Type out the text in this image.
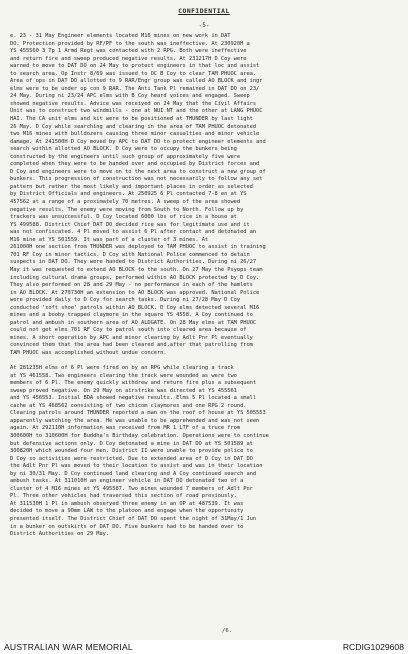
CONFIDENTIAL
-5-
e. 23 - 31 May Engineer elements located M16 mines on new work in DAT
DO. Protection provided by RF/PF to the south was ineffective. At 230920H a
YS 455560 3 Tp 1 Armd Regt was contacted with 2 RPG. Both were ineffective
and return fire and sweep produced negative results. At 231217H D Coy were
warned to move to DAT DO on 24 May to protect engineers in that loc and assist
to search area. Op Instr 8/69 was issued to OC B Coy to clear TAM PHUOC area.
Area of ops in DAT DO allotted to 9 RAR/Engr group was called AO BLOCK and ingr
elms were to be under op con 9 RAR. The Anti Tank Pl remained in DAT DO on 23/
24 May. During ni 23/24 APC elms with B Coy heard voices and engaged. Sweep
showed negative results. Advice was received on 24 May that the Civil Affairs
Unit was to construct two windmills - one at NUI NT and the other at LANG PHUOC
HAI. The CA unit elms and kit were to be positioned at THUNDER by last light
26 May. D Coy while searching and clearing in the area of TAM PHUOC detonated
two M16 mines with bulldozers causing three minor casualties and minor vehicle
damage. At 241500H D Coy moved by APC to DAT DO to protect engineer elements and
search within allotted AO BLOCK. D Coy were to occupy the bunkers being
constructed by the engineers until such group of approximately five were
completed when they were to be handed over and occupied by District forces and
D Coy and engineers were to move on to the next area to construct a new group of
bunkers. This progression of construction was not necessarily to follow any set
pattern but rather the most likely and important places in order as selected
by District Officials and engineers. At 250925 6 Pl contacted 7-8 en at YS
457562 at a range of a proximately 70 metres. A sweep of the area showed
negative results. The enemy were moving from South to North. Follow up by
trackers was unsuccessful. D Coy located 6000 lbs of rice in a house at
YS 499588. District Chief DAT DO decided rice was for legitimate use and it
was not confiscated. 4 Pl moved to assist 6 Pl after contact and detonated an
M16 mine at YS 501559. It was part of a cluster of 3 mines. At
261000H one section from THUNDER was deployed to TAM PHUOC to assist in training
701 RF Coy in minor tactics. D Coy with National Police commenced to detain
suspects in DAT DO. They were handed to District Authorities. During ni 26/27
May it was requested to extend AO BLOCK to the south. On 27 May the Psyops team
including cultural drama groups, performed within AO BLOCK protected by D Coy.
They also performed on 28 and 29 May - no performance in each of the hamlets
in AO BLOCK. At 270730H an extension to AO BLOCK was approved. National Police
were provided daily to D Coy for search tasks. During ni 27/28 May D Coy
conducted 'soft shoe' patrols within AO BLOCK. D Coy elms detected several M16
mines and a booby trapped claymore in the square YS 4558. A Coy continued to
patrol and ambush in southern area of AO ALDGATE. On 28 May elms at TAM PHUOC
could not get elms 701 RF Coy to patrol south into cleared area because of
mines. A short operation by APC and minor clearing by Adlt Pnr Pl eventually
convinced them that the area had been cleared and,after that patrolling from
TAM PHUOC was accomplished without undue concern.
At 281235H elms of 6 Pl were fired on by an RPG while clearing a track
at YS 461558. Two engineers clearing the track were wounded as were two
members of 6 Pl. The enemy quickly withdrew and return fire plus a subsequent
sweep proved negative. On 29 May on airstrike was directed at YS 455561
and YS 456553. Initial BDA showed negative results. Elms 5 Pl located a small
cache at YS 468562 consisting of two chicom claymores and one RPG 2 round.
Clearing patrols around THUNDER reported a man on the roof of house at YS 505553
apparently watching the area. He was unable to be apprehended and was not seen
again. At 292110H information was received from MR 1 LTF of a truce from
300600H to 310600H for Buddha's Birthday celebration. Operations were to continue
but defensive actions only. D Coy detonated a mine in DAT DO at YS 501589 at
300820H which wounded four men. District II were unable to provide police to
D Coy so activities were restricted. Due to extended area of D Coy in DAT DO
the Adlt Pnr Pl was moved to their location to assist and was in their location
by ni 30/31 May. D Coy continued land clearing and A Coy continued search and
ambush tasks. At 311010H an engineer vehicle in DAT DO detonated two of a
cluster of 4 M16 mines at YS 495587. Two mines wounded 7 members of Adlt Pnr
Pl. Three other vehicles had traversed this section of road previously.
At 311530H 1 Pl in ambush observed three enemy in an OP at 487539. It was
decided to move a 90mm LAW to the platoon and engage when the opportunity
presented itself. The District Chief of DAT DO spent the night of 31May/1 Jun
in a bunker on outskirts of DAT DO. Five bunkers had to be handed over to
District Authorities on 29 May.
/6.
AUSTRALIAN WAR MEMORIAL	RCDIG1029608
